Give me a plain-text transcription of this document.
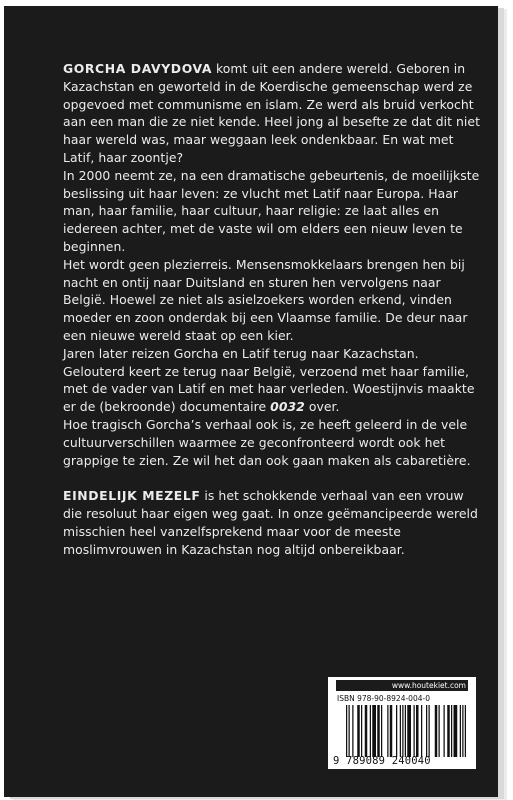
GORCHA DAVYDOVA komt uit een andere wereld. Geboren in Kazachstan en geworteld in de Koerdische gemeenschap werd ze opgevoed met communisme en islam. Ze werd als bruid verkocht aan een man die ze niet kende. Heel jong al besefte ze dat dit niet haar wereld was, maar weggaan leek ondenkbaar. En wat met Latif, haar zoontje?

In 2000 neemt ze, na een dramatische gebeurtenis, de moeilijkste beslissing uit haar leven: ze vlucht met Latif naar Europa. Haar man, haar familie, haar cultuur, haar religie: ze laat alles en iedereen achter, met de vaste wil om elders een nieuw leven te beginnen.

Het wordt geen plezierreis. Mensensmokkelaars brengen hen bij nacht en ontij naar Duitsland en sturen hen vervolgens naar België. Hoewel ze niet als asielzoekers worden erkend, vinden moeder en zoon onderdak bij een Vlaamse familie. De deur naar een nieuwe wereld staat op een kier.

Jaren later reizen Gorcha en Latif terug naar Kazachstan. Gelouterd keert ze terug naar België, verzoend met haar familie, met de vader van Latif en met haar verleden. Woestijnvis maakte er de (bekroonde) documentaire 0032 over.

Hoe tragisch Gorcha’s verhaal ook is, ze heeft geleerd in de vele cultuurverschillen waarmee ze geconfronteerd wordt ook het grappige te zien. Ze wil het dan ook gaan maken als cabaretière.

EINDELIJK MEZELF is het schokkende verhaal van een vrouw die resoluut haar eigen weg gaat. In onze geëmancipeerde wereld misschien heel vanzelfsprekend maar voor de meeste moslimvrouwen in Kazachstan nog altijd onbereikbaar.

www.houtekiet.com
ISBN 978-90-8924-004-0
9 789089 240040
